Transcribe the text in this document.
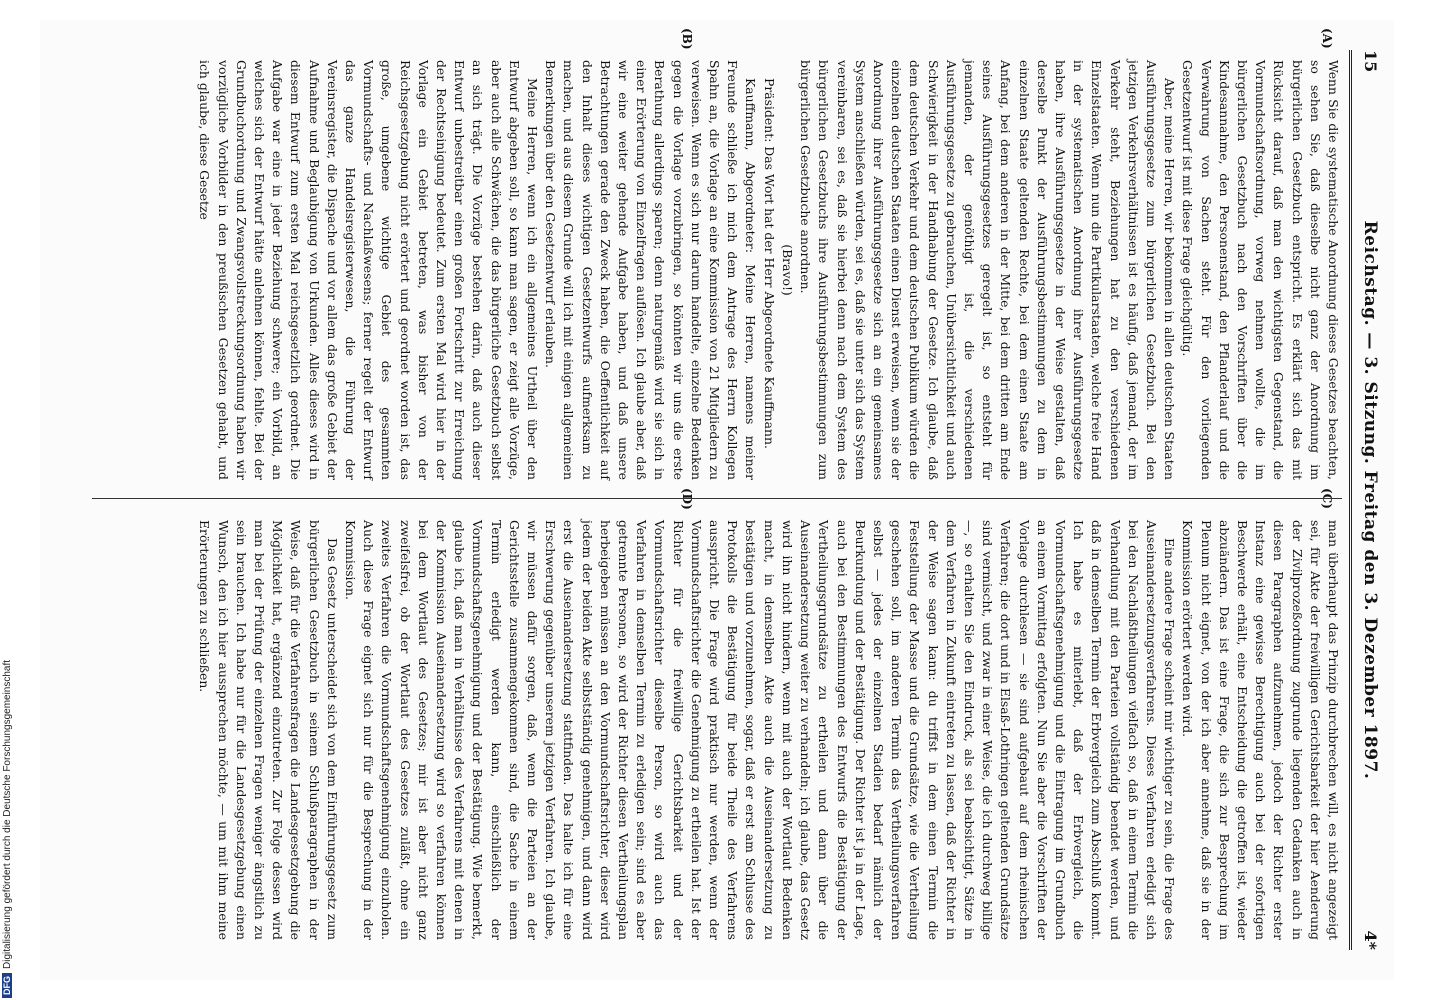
15
Reichstag. — 3. Sitzung. Freitag den 3. Dezember 1897.
4*
(C)
(D)
(A)
(B)

Wenn Sie die systematische Anordnung dieses Gesetzes beachten, so sehen Sie, daß dieselbe nicht ganz der Anordnung im bürgerlichen Gesetzbuch entspricht. Es erklärt sich das mit Rücksicht darauf, daß man den wichtigsten Gegenstand, die Vormundschaftsordnung, vorweg nehmen wollte, die im bürgerlichen Gesetzbuch nach den Vorschriften über die Kindesannahme, den Personenstand, den Pflanderlauf und die Verwahrung von Sachen steht. Für den vorliegenden Gesetzentwurf ist mit diese Frage gleichgültig.

Aber, meine Herren, wir bekommen in allen deutschen Staaten Ausführungsgesetze zum bürgerlichen Gesetzbuch. Bei den jetzigen Verkehrsverhältnissen ist es häufig, daß jemand, der im Verkehr steht, Beziehungen hat zu den verschiedenen Einzelstaaten. Wenn nun die Partikularstaaten, welche freie Hand in der systematischen Anordnung ihrer Ausführungsgesetze haben, ihre Ausführungsgesetze in der Weise gestalten, daß derselbe Punkt der Ausführungsbestimmungen zu dem in einzelnen Staate geltenden Rechte, bei dem einen Staate am Anfang, bei dem anderen in der Mitte, bei dem dritten am Ende seines Ausführungsgesetzes geregelt ist, so entsteht für jemanden, der genöthigt ist, die verschiedenen Ausführungsgesetze zu gebrauchen, Unübersichtlichkeit und auch Schwierigkeit in der Handhabung der Gesetze. Ich glaube, daß dem deutschen Verkehr und dem deutschen Publikum würden die einzelnen deutschen Staaten einen Dienst erweisen, wenn sie der Anordnung ihrer Ausführungsgesetze sich an ein gemeinsames System anschließen würden, sei es, daß sie unter sich das System vereinbaren, sei es, daß sie hierbei denn nach dem System des bürgerlichen Gesetzbuchs ihre Ausführungsbestimmungen zum bürgerlichen Gesetzbuche anordnen.

(Bravo!)

Präsident: Das Wort hat der Herr Abgeordnete Kauffmann.

Kauffmann, Abgeordneter: Meine Herren, namens meiner Freunde schließe ich mich dem Antrage des Herrn Kollegen Spahn an, die Vorlage an eine Kommission von 21 Mitgliedern zu verweisen. Wenn es sich nur darum handelte, einzelne Bedenken gegen die Vorlage vorzubringen, so könnten wir uns die erste Berathung allerdings sparen; denn naturgemäß wird sie sich in einer Erörterung von Einzelfragen auflösen. Ich glaube aber, daß wir eine weiter gehende Aufgabe haben, und daß unsere Betrachtungen gerade den Zweck haben, die Oeffentlichkeit auf den Inhalt dieses wichtigen Gesetzentwurfs aufmerksam zu machen, und aus diesem Grunde will ich mit einigen allgemeinen Bemerkungen über den Gesetzentwurf erlauben.

Meine Herren, wenn ich ein allgemeines Urtheil über den Entwurf abgeben soll, so kann man sagen, er zeigt alle Vorzüge, aber auch alle Schwächen, die das bürgerliche Gesetzbuch selbst an sich trägt. Die Vorzüge bestehen darin, daß auch dieser Entwurf unbestreitbar einen großen Fortschritt zur Erreichung der Rechtseinigung bedeutet. Zum ersten Mal wird hier in der Vorlage ein Gebiet betreten, was bisher von der Reichsgesetzgebung nicht erörtert und geordnet worden ist, das große, umgebene wichtige Gebiet des gesammten Vormundschafts- und Nachlaßwesens; ferner regelt der Entwurf das ganze Handelsregisterwesen, die Führung der Vereinsregister, die Dispache und vor allem das große Gebiet der Aufnahme und Beglaubigung von Urkunden. Alles dieses wird in diesem Entwurf zum ersten Mal reichsgesetzlich geordnet. Die Aufgabe war eine in jeder Beziehung schwere; ein Vorbild, an welches sich der Entwurf hätte anlehnen können, fehlte. Bei der Grundbuchordnung und Zwangsvollstreckungsordnung haben wir vorzügliche Vorbilder in den preußischen Gesetzen gehabt, und ich glaube, diese Gesetze

man überhaupt das Prinzip durchbrechen will, es nicht angezeigt sei, für Akte der freiwilligen Gerichtsbarkeit der hier Aenderung der Zivilprozeßordnung zugrunde liegenden Gedanken auch in diesen Paragraphen aufzunehmen, jedoch der Richter erster Instanz eine gewisse Berechtigung auch bei der sofortigen Beschwerde erhält, eine Entscheidung die getroffen ist, wieder abzuändern. Das ist eine Frage, die sich zur Besprechung im Plenum nicht eignet, von der ich aber annehme, daß sie in der Kommission erörtert werden wird.

Eine andere Frage scheint mir wichtiger zu sein, die Frage des Auseinandersetzungsverfahrens. Dieses Verfahren erledigt sich bei den Nachlaßtheilungen vielfach so, daß in einem Termin die Verhandlung mit den Parteien vollständig beendet werden, und daß in demselben Termin der Erbvergleich zum Abschluß kommt. Ich habe es miterlebt, daß der Erbvergleich, die Vormundschaftsgenehmigung und die Eintragung im Grundbuch an einem Vormittag erfolgten. Nun Sie aber die Vorschriften der Vorlage durchlesen — sie sind aufgebaut auf dem rheinischen Verfahren; die dort und in Elsaß-Lothringen geltenden Grundsätze sind vermischt, und zwar in einer Weise, die ich durchweg billige —, so erhalten Sie den Eindruck, als sei beabsichtigt, Sätze in dem Verfahren in Zukunft eintreten zu lassen, daß der Richter in der Weise sagen kann: du triffst in dem einen Termin die Feststellung der Masse und die Grundsätze, wie die Vertheilung geschehen soll, im anderen Termin das Vertheilungsverfahren selbst — jedes der einzelnen Stadien bedarf nämlich der Beurkundung und der Bestätigung. Der Richter ist ja in der Lage, auch bei den Bestimmungen des Entwurfs die Bestätigung der Vertheilungsgrundsätze zu ertheilen und dann über die Auseinandersetzung weiter zu verhandeln; ich glaube, das Gesetz wird ihn nicht hindern, wenn mit auch der Wortlaut Bedenken macht, in demselben Akte auch die Auseinandersetzung zu bestätigen und vorzunehmen, sogar, daß er erst am Schlusse des Protokolls die Bestätigung für beide Theile des Verfahrens ausspricht. Die Frage wird praktisch nur werden, wenn der Vormundschaftsrichter die Genehmigung zu ertheilen hat. Ist der Richter für die freiwillige Gerichtsbarkeit und der Vormundschaftsrichter dieselbe Person, so wird auch das Verfahren in demselben Termin zu erledigen sein; sind es aber getrennte Personen, so wird der Richter diesen Vertheilungsplan herbeigeben müssen an den Vormundschaftsrichter, dieser wird jedem der beiden Akte selbstständig genehmigen, und dann wird erst die Auseinandersetzung stattfinden. Das halte ich für eine Erschwerung gegenüber unserem jetzigen Verfahren. Ich glaube, wir müssen dafür sorgen, daß, wenn die Parteien an der Gerichtsstelle zusammengekommen sind, die Sache in einem Termin erledigt werden kann, einschließlich der Vormundschaftsgenehmigung und der Bestätigung. Wie bemerkt, glaube ich, daß man in Verhältnisse des Verfahrens mit denen in der Kommission Auseinandersetzung wird so verfahren können bei dem Wortlaut des Gesetzes; mir ist aber nicht ganz zweifelsfrei, ob der Wortlaut des Gesetzes zuläßt, ohne ein zweites Verfahren die Vormundschaftsgenehmigung einzuholen. Auch diese Frage eignet sich nur für die Besprechung in der Kommission.

Das Gesetz unterscheidet sich von dem Einführungsgesetz zum bürgerlichen Gesetzbuch in seinem Schlußparagraphen in der Weise, daß für die Verfahrensfragen die Landesgesetzgebung die Möglichkeit hat, ergänzend einzutreten. Zur Folge dessen wird man bei der Prüfung der einzelnen Fragen weniger ängstlich zu sein brauchen. Ich habe nur für die Landesgesetzgebung einen Wunsch, den ich hier aussprechen möchte, — um mit ihm meine Erörterungen zu schließen.

DFGDigitalisierung gefördert durch die Deutsche Forschungsgemeinschaft
